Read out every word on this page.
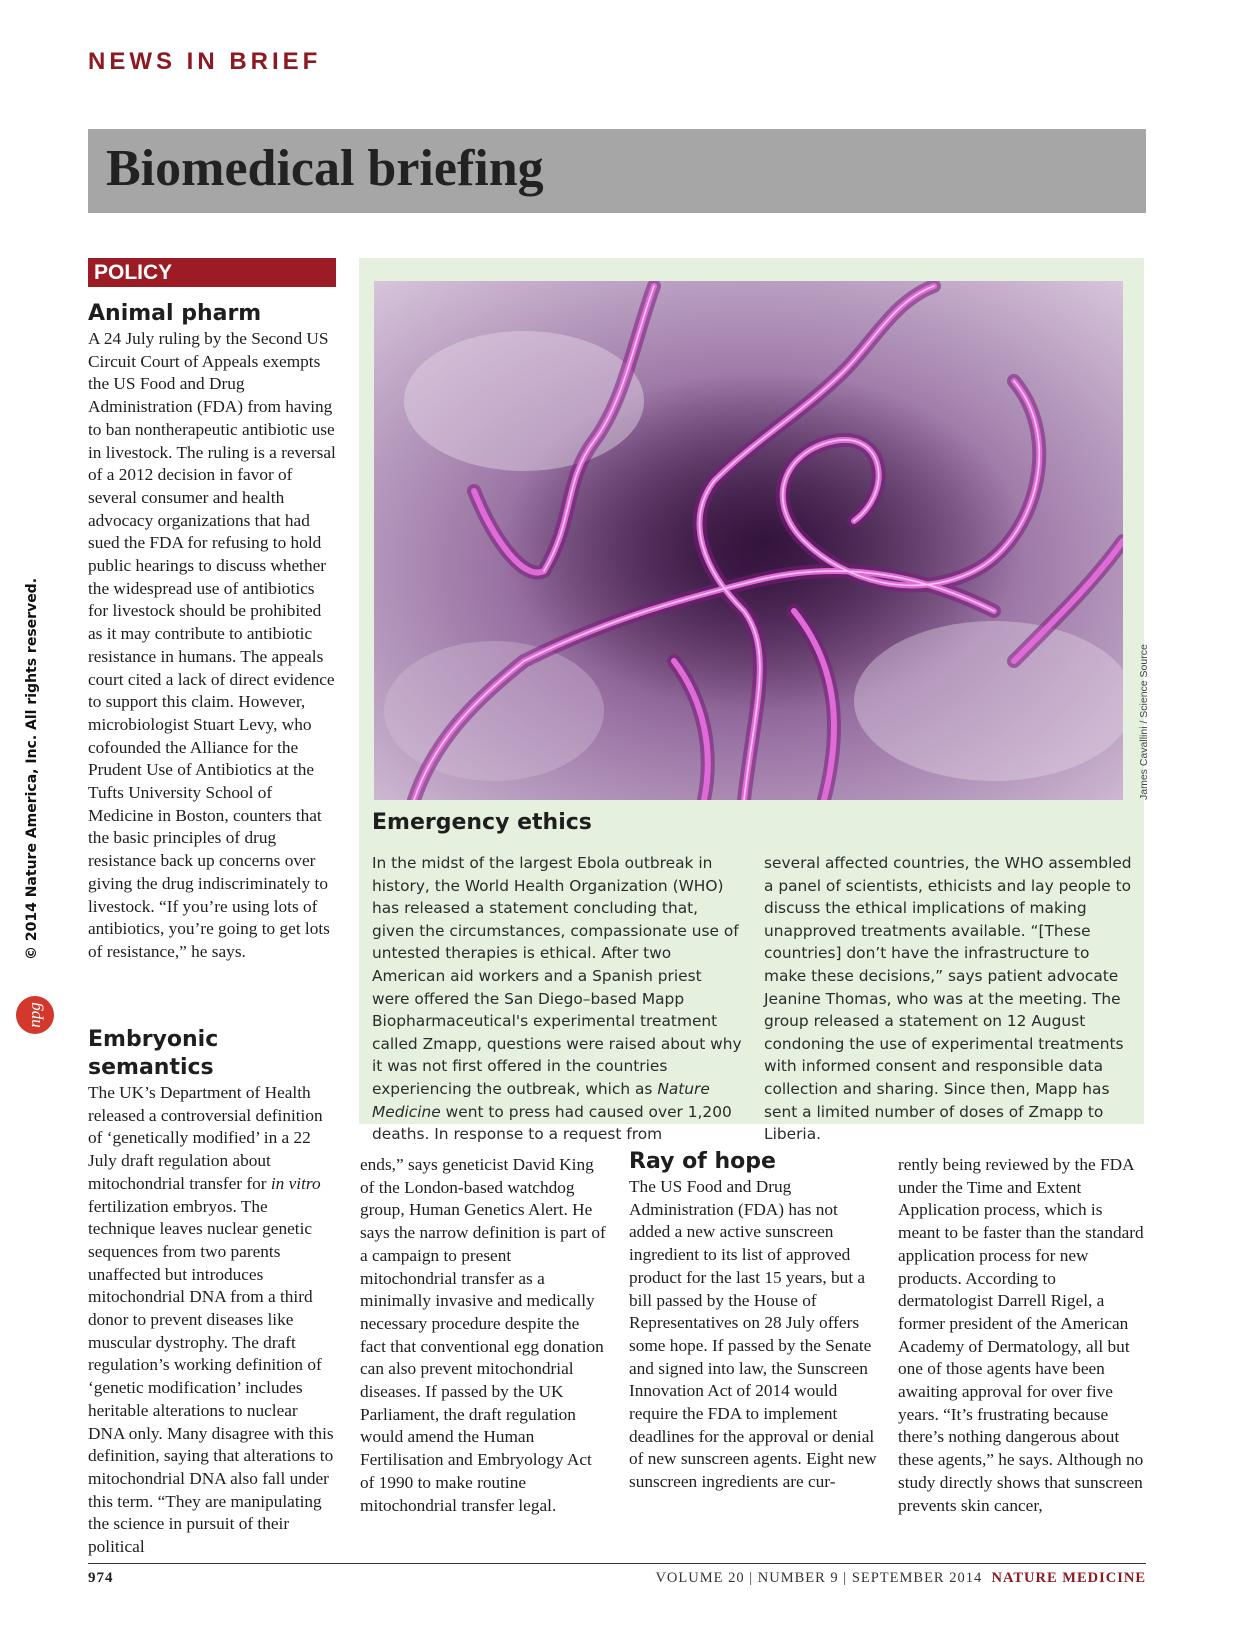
NEWS IN BRIEF
Biomedical briefing
© 2014 Nature America, Inc. All rights reserved.
npg
POLICY
Animal pharm

A 24 July ruling by the Second US Circuit Court of Appeals exempts the US Food and Drug Administration (FDA) from having to ban nontherapeutic antibiotic use in livestock. The ruling is a reversal of a 2012 decision in favor of several consumer and health advocacy organizations that had sued the FDA for refusing to hold public hearings to discuss whether the widespread use of antibiotics for livestock should be prohibited as it may contribute to antibiotic resistance in humans. The appeals court cited a lack of direct evidence to support this claim. However, microbiologist Stuart Levy, who cofounded the Alliance for the Prudent Use of Antibiotics at the Tufts University School of Medicine in Boston, counters that the basic principles of drug resistance back up concerns over giving the drug indiscriminately to livestock. “If you’re using lots of antibiotics, you’re going to get lots of resistance,” he says.

Embryonic semantics

The UK’s Department of Health released a controversial definition of ‘genetically modified’ in a 22 July draft regulation about mitochondrial transfer for in vitro fertilization embryos. The technique leaves nuclear genetic sequences from two parents unaffected but introduces mitochondrial DNA from a third donor to prevent diseases like muscular dystrophy. The draft regulation’s working definition of ‘genetic modification’ includes heritable alterations to nuclear DNA only. Many disagree with this definition, saying that alterations to mitochondrial DNA also fall under this term. “They are manipulating the science in pursuit of their political

James Cavallini / Science Source
Emergency ethics

In the midst of the largest Ebola outbreak in history, the World Health Organization (WHO) has released a statement concluding that, given the circumstances, compassionate use of untested therapies is ethical. After two American aid workers and a Spanish priest were offered the San Diego–based Mapp Biopharmaceutical's experimental treatment called Zmapp, questions were raised about why it was not first offered in the countries experiencing the outbreak, which as Nature Medicine went to press had caused over 1,200 deaths. In response to a request from

several affected countries, the WHO assembled a panel of scientists, ethicists and lay people to discuss the ethical implications of making unapproved treatments available. “[These countries] don’t have the infrastructure to make these decisions,” says patient advocate Jeanine Thomas, who was at the meeting. The group released a statement on 12 August condoning the use of experimental treatments with informed consent and responsible data collection and sharing. Since then, Mapp has sent a limited number of doses of Zmapp to Liberia.

ends,” says geneticist David King of the London-based watchdog group, Human Genetics Alert. He says the narrow definition is part of a campaign to present mitochondrial transfer as a minimally invasive and medically necessary procedure despite the fact that conventional egg donation can also prevent mitochondrial diseases. If passed by the UK Parliament, the draft regulation would amend the Human Fertilisation and Embryology Act of 1990 to make routine mitochondrial transfer legal.

Ray of hope

The US Food and Drug Administration (FDA) has not added a new active sunscreen ingredient to its list of approved product for the last 15 years, but a bill passed by the House of Representatives on 28 July offers some hope. If passed by the Senate and signed into law, the Sunscreen Innovation Act of 2014 would require the FDA to implement deadlines for the approval or denial of new sunscreen agents. Eight new sunscreen ingredients are cur-

rently being reviewed by the FDA under the Time and Extent Application process, which is meant to be faster than the standard application process for new products. According to dermatologist Darrell Rigel, a former president of the American Academy of Dermatology, all but one of those agents have been awaiting approval for over five years. “It’s frustrating because there’s nothing dangerous about these agents,” he says. Although no study directly shows that sunscreen prevents skin cancer,

974	VOLUME 20 | NUMBER 9 | SEPTEMBER 2014 NATURE MEDICINE
